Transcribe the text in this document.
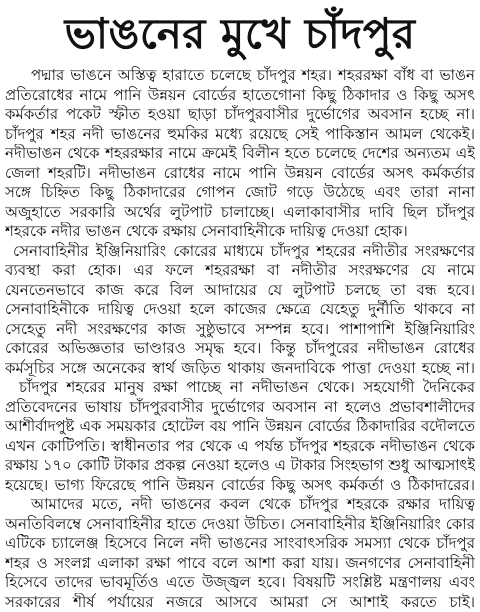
ভাঙনের মুখে চাঁদপুর
পদ্মার ভাঙনে অস্তিত্ব হারাতে চলেছে চাঁদপুর শহর। শহররক্ষা বাঁধ বা ভাঙন
প্রতিরোধের নামে পানি উন্নয়ন বোর্ডের হাতেগোনা কিছু ঠিকাদার ও কিছু অসৎ
কর্মকর্তার পকেট স্ফীত হওয়া ছাড়া চাঁদপুরবাসীর দুর্ভোগের অবসান হচ্ছে না।
চাঁদপুর শহর নদী ভাঙনের হুমকির মধ্যে রয়েছে সেই পাকিস্তান আমল থেকেই।
নদীভাঙন থেকে শহররক্ষার নামে ক্রমেই বিলীন হতে চলেছে দেশের অন্যতম এই
জেলা শহরটি। নদীভাঙন রোধের নামে পানি উন্নয়ন বোর্ডের অসৎ কর্মকর্তার
সঙ্গে চিহ্নিত কিছু ঠিকাদারের গোপন জোট গড়ে উঠেছে এবং তারা নানা
অজুহাতে সরকারি অর্থের লুটপাট চালাচ্ছে। এলাকাবাসীর দাবি ছিল চাঁদপুর
শহরকে নদীর ভাঙন থেকে রক্ষায় সেনাবাহিনীকে দায়িত্ব দেওয়া হোক।
সেনাবাহিনীর ইঞ্জিনিয়ারিং কোরের মাধ্যমে চাঁদপুর শহরের নদীতীর সংরক্ষণের
ব্যবস্থা করা হোক। এর ফলে শহররক্ষা বা নদীতীর সংরক্ষণের যে নামে
যেনতেনভাবে কাজ করে বিল আদায়ের যে লুটপাট চলছে তা বন্ধ হবে।
সেনাবাহিনীকে দায়িত্ব দেওয়া হলে কাজের ক্ষেত্রে যেহেতু দুর্নীতি থাকবে না
সেহেতু নদী সংরক্ষণের কাজ সুষ্ঠুভাবে সম্পন্ন হবে। পাশাপাশি ইঞ্জিনিয়ারিং
কোরের অভিজ্ঞতার ভাণ্ডারও সমৃদ্ধ হবে। কিন্তু চাঁদপুরের নদীভাঙন রোধের
কর্মসূচির সঙ্গে অনেকের স্বার্থ জড়িত থাকায় জনদাবিকে পাত্তা দেওয়া হচ্ছে না।
চাঁদপুর শহরের মানুষ রক্ষা পাচ্ছে না নদীভাঙন থেকে। সহযোগী দৈনিকের
প্রতিবেদনের ভাষায় চাঁদপুরবাসীর দুর্ভোগের অবসান না হলেও প্রভাবশালীদের
আশীর্বাদপুষ্ট এক সময়কার হোটেল বয় পানি উন্নয়ন বোর্ডের ঠিকাদারির বদৌলতে
এখন কোটিপতি। স্বাধীনতার পর থেকে এ পর্যন্ত চাঁদপুর শহরকে নদীভাঙন থেকে
রক্ষায় ১৭০ কোটি টাকার প্রকল্প নেওয়া হলেও এ টাকার সিংহভাগ শুধু আত্মসাৎই
হয়েছে। ভাগ্য ফিরেছে পানি উন্নয়ন বোর্ডের কিছু অসৎ কর্মকর্তা ও ঠিকাদারের।
আমাদের মতে, নদী ভাঙনের কবল থেকে চাঁদপুর শহরকে রক্ষার দায়িত্ব
অনতিবিলম্বে সেনাবাহিনীর হাতে দেওয়া উচিত। সেনাবাহিনীর ইঞ্জিনিয়ারিং কোর
এটিকে চ্যালেঞ্জ হিসেবে নিলে নদী ভাঙনের সাংবাৎসরিক সমস্যা থেকে চাঁদপুর
শহর ও সংলগ্ন এলাকা রক্ষা পাবে বলে আশা করা যায়। জনগণের সেনাবাহিনী
হিসেবে তাদের ভাবমূর্তিও এতে উজ্জ্বল হবে। বিষয়টি সংশ্লিষ্ট মন্ত্রণালয় এবং
সরকারের শীর্ষ পর্যায়ের নজরে আসবে আমরা সে আশাই করতে চাই।
